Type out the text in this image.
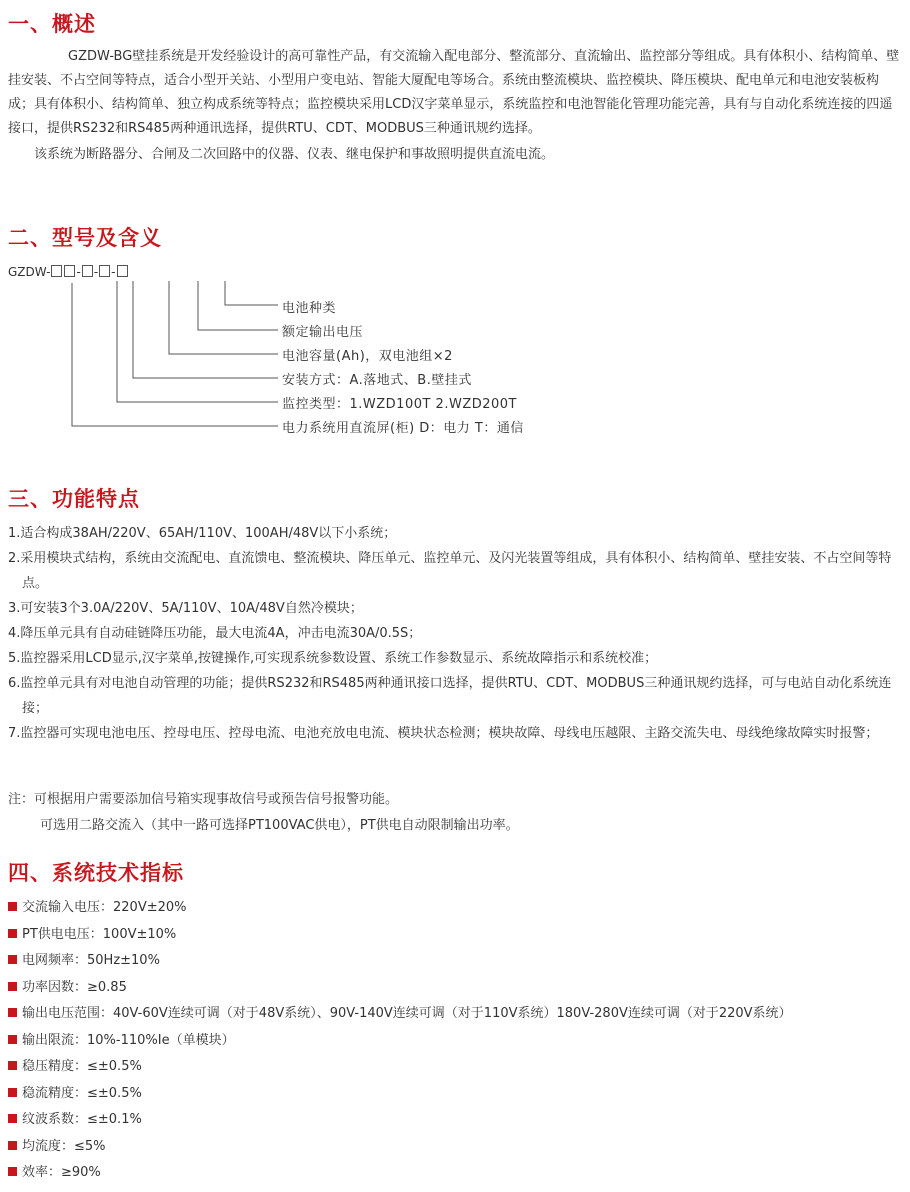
一、概述

GZDW-BG壁挂系统是开发经验设计的高可靠性产品，有交流输入配电部分、整流部分、直流输出、监控部分等组成。具有体积小、结构简单、壁挂安装、不占空间等特点，适合小型开关站、小型用户变电站、智能大厦配电等场合。系统由整流模块、监控模块、降压模块、配电单元和电池安装板构成；具有体积小、结构简单、独立构成系统等特点；监控模块采用LCD汉字菜单显示，系统监控和电池智能化管理功能完善，具有与自动化系统连接的四遥接口，提供RS232和RS485两种通讯选择，提供RTU、CDT、MODBUS三种通讯规约选择。

该系统为断路器分、合闸及二次回路中的仪器、仪表、继电保护和事故照明提供直流电流。

二、型号及含义
GZDW- - - -
电池种类
额定输出电压
电池容量(Ah)，双电池组×2
安装方式：A.落地式、B.壁挂式
监控类型：1.WZD100T 2.WZD200T
电力系统用直流屏(柜) D：电力 T：通信
三、功能特点
1.适合构成38AH/220V、65AH/110V、100AH/48V以下小系统；
2.采用模块式结构，系统由交流配电、直流馈电、整流模块、降压单元、监控单元、及闪光装置等组成，具有体积小、结构简单、壁挂安装、不占空间等特点。
3.可安装3个3.0A/220V、5A/110V、10A/48V自然冷模块；
4.降压单元具有自动硅链降压功能，最大电流4A，冲击电流30A/0.5S；
5.监控器采用LCD显示,汉字菜单,按键操作,可实现系统参数设置、系统工作参数显示、系统故障指示和系统校准；
6.监控单元具有对电池自动管理的功能；提供RS232和RS485两种通讯接口选择，提供RTU、CDT、MODBUS三种通讯规约选择，可与电站自动化系统连接；
7.监控器可实现电池电压、控母电压、控母电流、电池充放电电流、模块状态检测；模块故障、母线电压越限、主路交流失电、母线绝缘故障实时报警；

注：可根据用户需要添加信号箱实现事故信号或预告信号报警功能。

可选用二路交流入（其中一路可选择PT100VAC供电），PT供电自动限制输出功率。

四、系统技术指标
交流输入电压：220V±20%
PT供电电压：100V±10%
电网频率：50Hz±10%
功率因数：≥0.85
输出电压范围：40V-60V连续可调（对于48V系统）、90V-140V连续可调（对于110V系统）180V-280V连续可调（对于220V系统）
输出限流：10%-110%Ie（单模块）
稳压精度：≤±0.5%
稳流精度：≤±0.5%
纹波系数：≤±0.1%
均流度：≤5%
效率：≥90%
